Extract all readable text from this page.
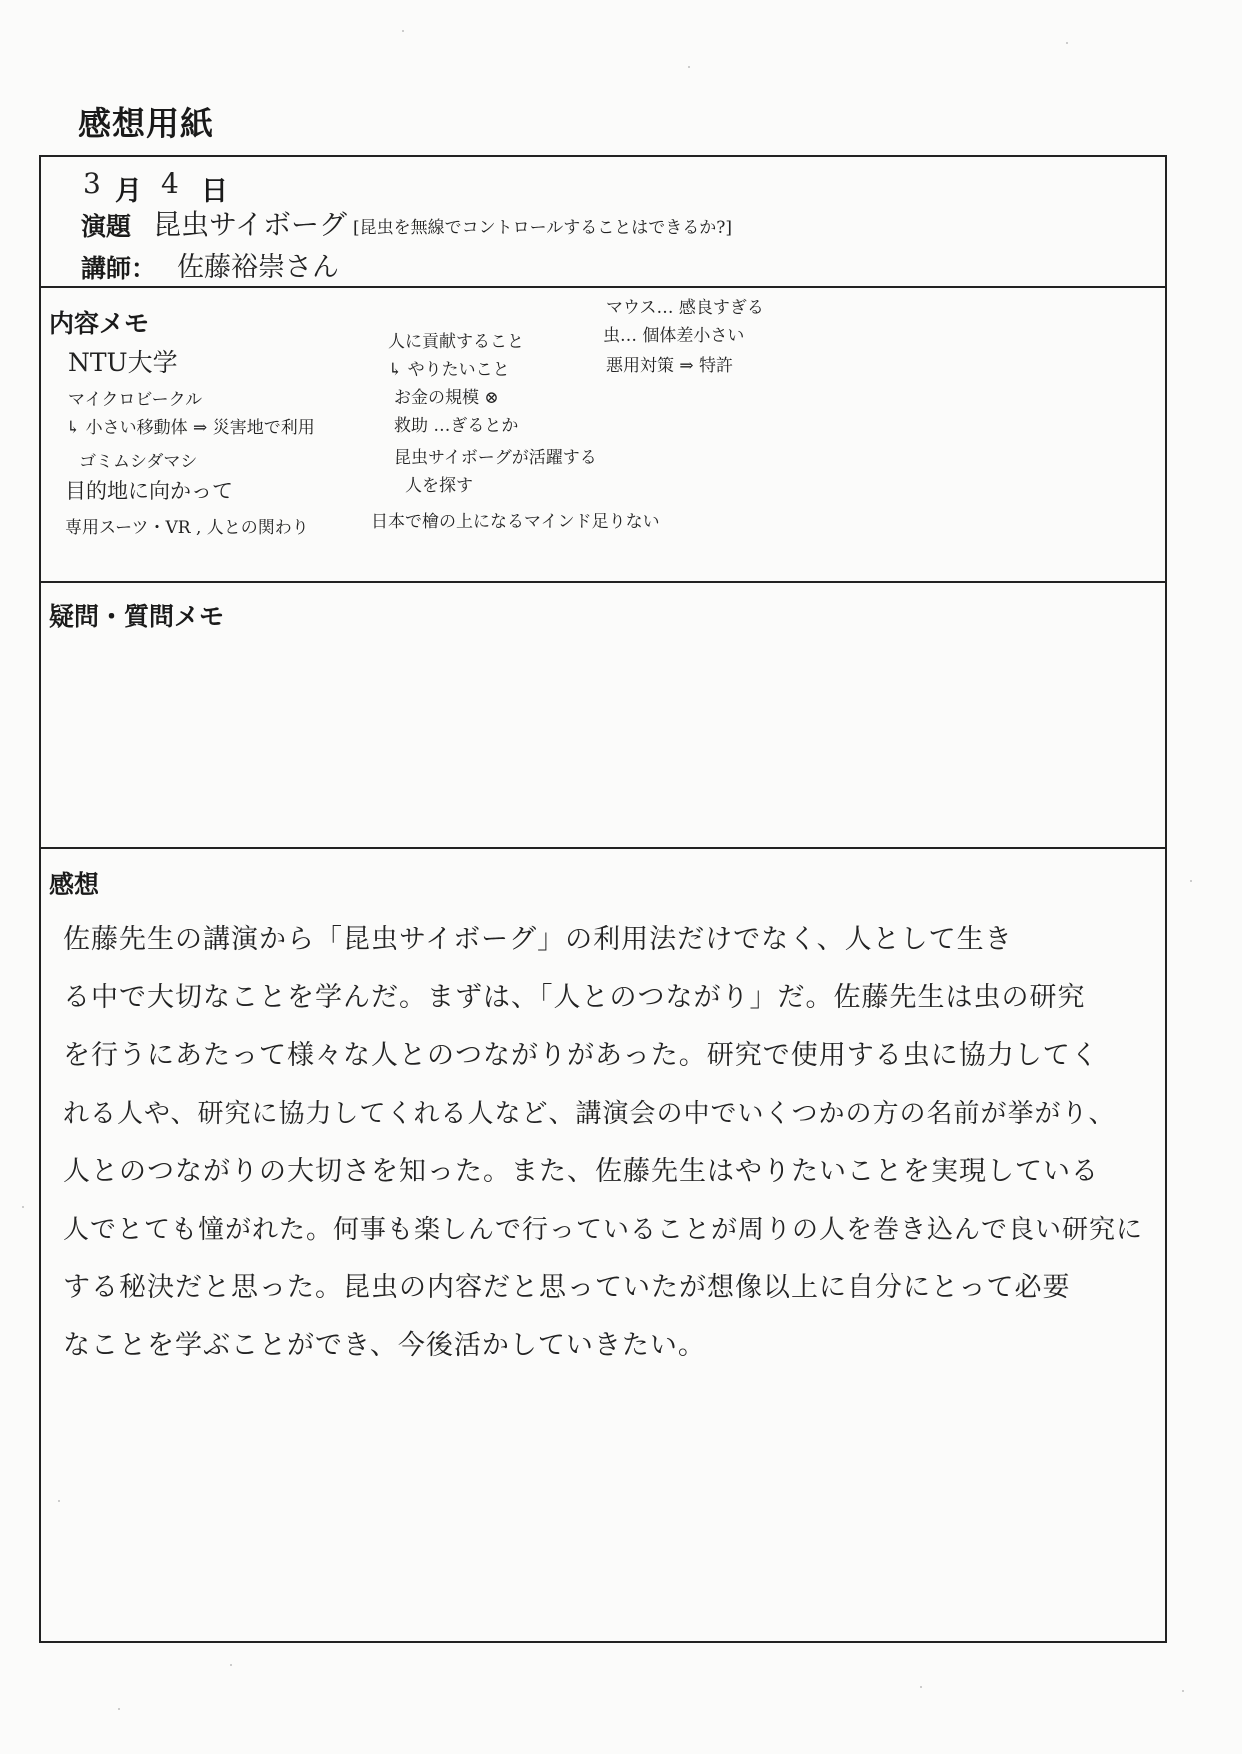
感想用紙
3 月 4 日
演題 昆虫サイボーグ [昆虫を無線でコントロールすることはできるか?]
講師： 佐藤裕崇さん
内容メモ
NTU大学
マイクロビークル
↳ 小さい移動体 ⇒ 災害地で利用
ゴミムシダマシ
目的地に向かって
専用スーツ・VR , 人との関わり
人に貢献すること
↳ やりたいこと
お金の規模 ⊗
救助 …ぎるとか
昆虫サイボーグが活躍する
人を探す
日本で檜の上になるマインド足りない
マウス… 感良すぎる
虫… 個体差小さい
悪用対策 ⇒ 特許
疑問・質問メモ
感想

佐藤先生の講演から「昆虫サイボーグ」の利用法だけでなく、人として生き

る中で大切なことを学んだ。まずは、「人とのつながり」だ。佐藤先生は虫の研究

を行うにあたって様々な人とのつながりがあった。研究で使用する虫に協力してく

れる人や、研究に協力してくれる人など、講演会の中でいくつかの方の名前が挙がり、

人とのつながりの大切さを知った。また、佐藤先生はやりたいことを実現している

人でとても憧がれた。何事も楽しんで行っていることが周りの人を巻き込んで良い研究に

する秘決だと思った。昆虫の内容だと思っていたが想像以上に自分にとって必要

なことを学ぶことができ、今後活かしていきたい。
